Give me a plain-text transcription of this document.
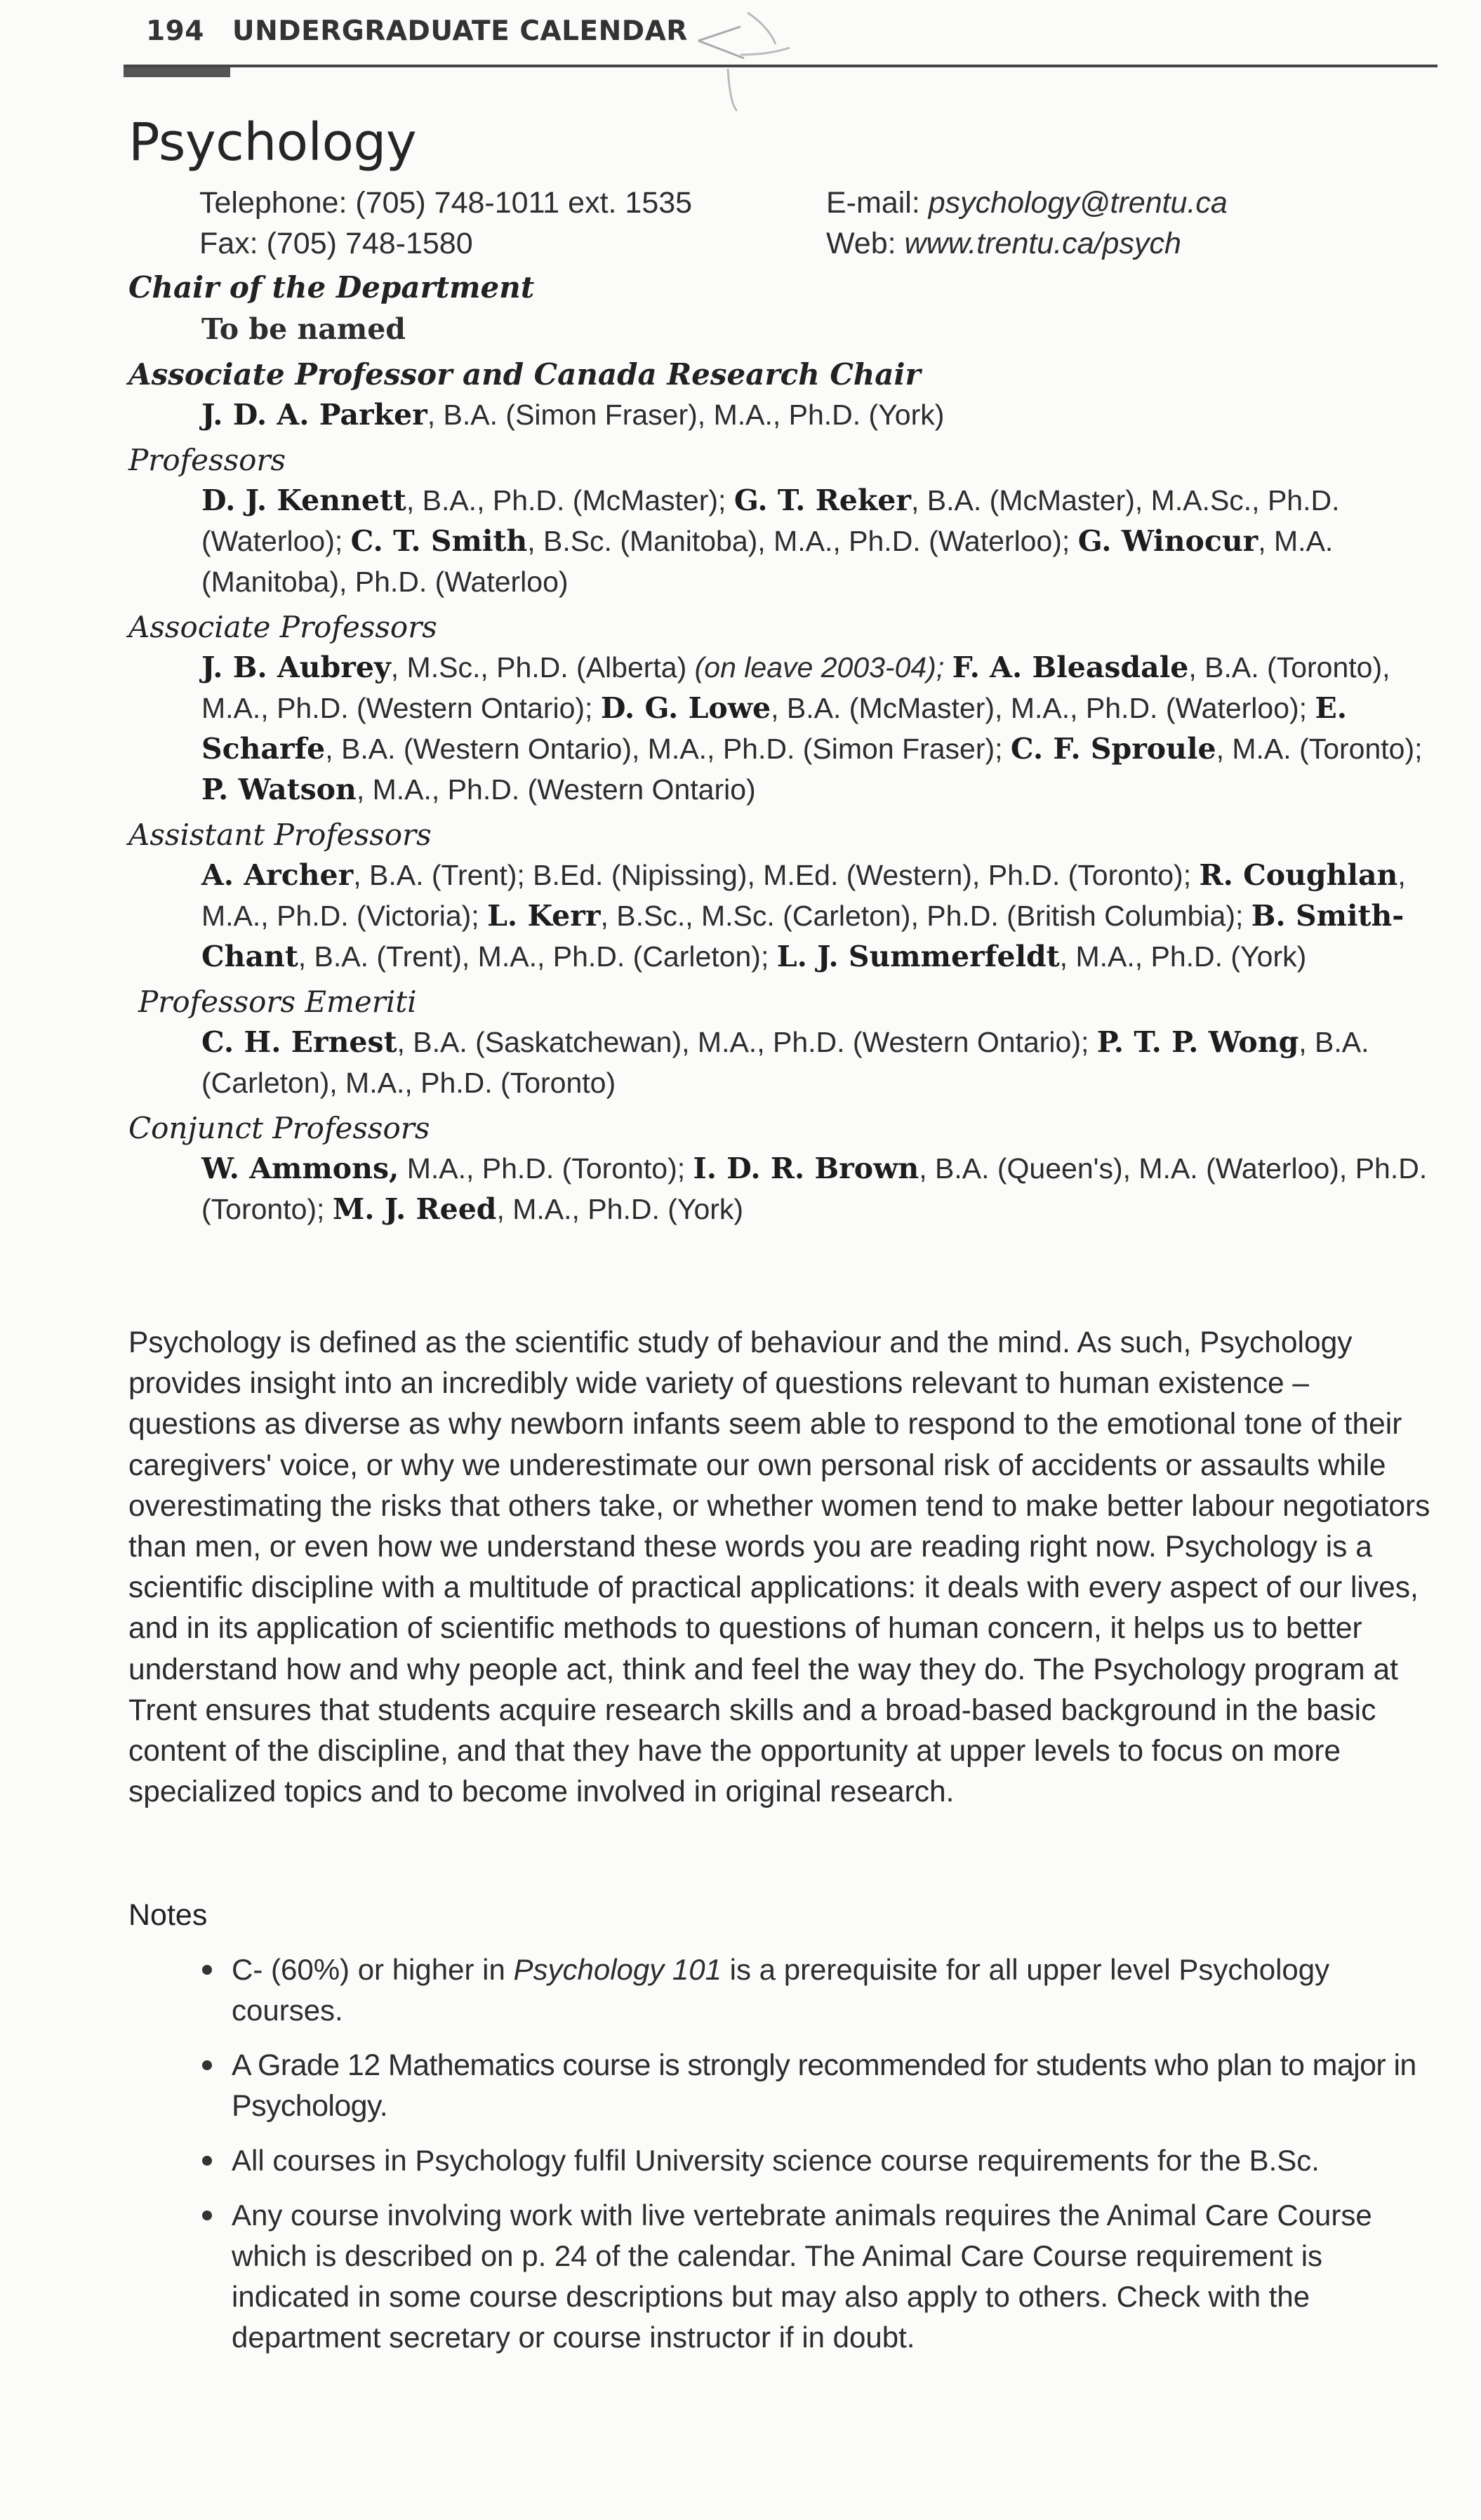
194 UNDERGRADUATE CALENDAR
Psychology
Telephone: (705) 748-1011 ext. 1535
Fax: (705) 748-1580
E-mail: psychology@trentu.ca
Web: www.trentu.ca/psych

Chair of the Department

To be named

Associate Professor and Canada Research Chair

J. D. A. Parker, B.A. (Simon Fraser), M.A., Ph.D. (York)

Professors

D. J. Kennett, B.A., Ph.D. (McMaster); G. T. Reker, B.A. (McMaster), M.A.Sc., Ph.D. (Waterloo); C. T. Smith, B.Sc. (Manitoba), M.A., Ph.D. (Waterloo); G. Winocur, M.A. (Manitoba), Ph.D. (Waterloo)

Associate Professors

J. B. Aubrey, M.Sc., Ph.D. (Alberta) (on leave 2003-04); F. A. Bleasdale, B.A. (Toronto), M.A., Ph.D. (Western Ontario); D. G. Lowe, B.A. (McMaster), M.A., Ph.D. (Waterloo); E. Scharfe, B.A. (Western Ontario), M.A., Ph.D. (Simon Fraser); C. F. Sproule, M.A. (Toronto); P. Watson, M.A., Ph.D. (Western Ontario)

Assistant Professors

A. Archer, B.A. (Trent); B.Ed. (Nipissing), M.Ed. (Western), Ph.D. (Toronto); R. Coughlan, M.A., Ph.D. (Victoria); L. Kerr, B.Sc., M.Sc. (Carleton), Ph.D. (British Columbia); B. Smith-Chant, B.A. (Trent), M.A., Ph.D. (Carleton); L. J. Summerfeldt, M.A., Ph.D. (York)

Professors Emeriti

C. H. Ernest, B.A. (Saskatchewan), M.A., Ph.D. (Western Ontario); P. T. P. Wong, B.A. (Carleton), M.A., Ph.D. (Toronto)

Conjunct Professors

W. Ammons, M.A., Ph.D. (Toronto); I. D. R. Brown, B.A. (Queen's), M.A. (Waterloo), Ph.D. (Toronto); M. J. Reed, M.A., Ph.D. (York)

Psychology is defined as the scientific study of behaviour and the mind. As such, Psychology provides insight into an incredibly wide variety of questions relevant to human existence – questions as diverse as why newborn infants seem able to respond to the emotional tone of their caregivers' voice, or why we underestimate our own personal risk of accidents or assaults while overestimating the risks that others take, or whether women tend to make better labour negotiators than men, or even how we understand these words you are reading right now. Psychology is a scientific discipline with a multitude of practical applications: it deals with every aspect of our lives, and in its application of scientific methods to questions of human concern, it helps us to better understand how and why people act, think and feel the way they do. The Psychology program at Trent ensures that students acquire research skills and a broad-based background in the basic content of the discipline, and that they have the opportunity at upper levels to focus on more specialized topics and to become involved in original research.

Notes
C- (60%) or higher in Psychology 101 is a prerequisite for all upper level Psychology courses.
A Grade 12 Mathematics course is strongly recommended for students who plan to major in Psychology.
All courses in Psychology fulfil University science course requirements for the B.Sc.
Any course involving work with live vertebrate animals requires the Animal Care Course which is described on p. 24 of the calendar. The Animal Care Course requirement is indicated in some course descriptions but may also apply to others. Check with the department secretary or course instructor if in doubt.
